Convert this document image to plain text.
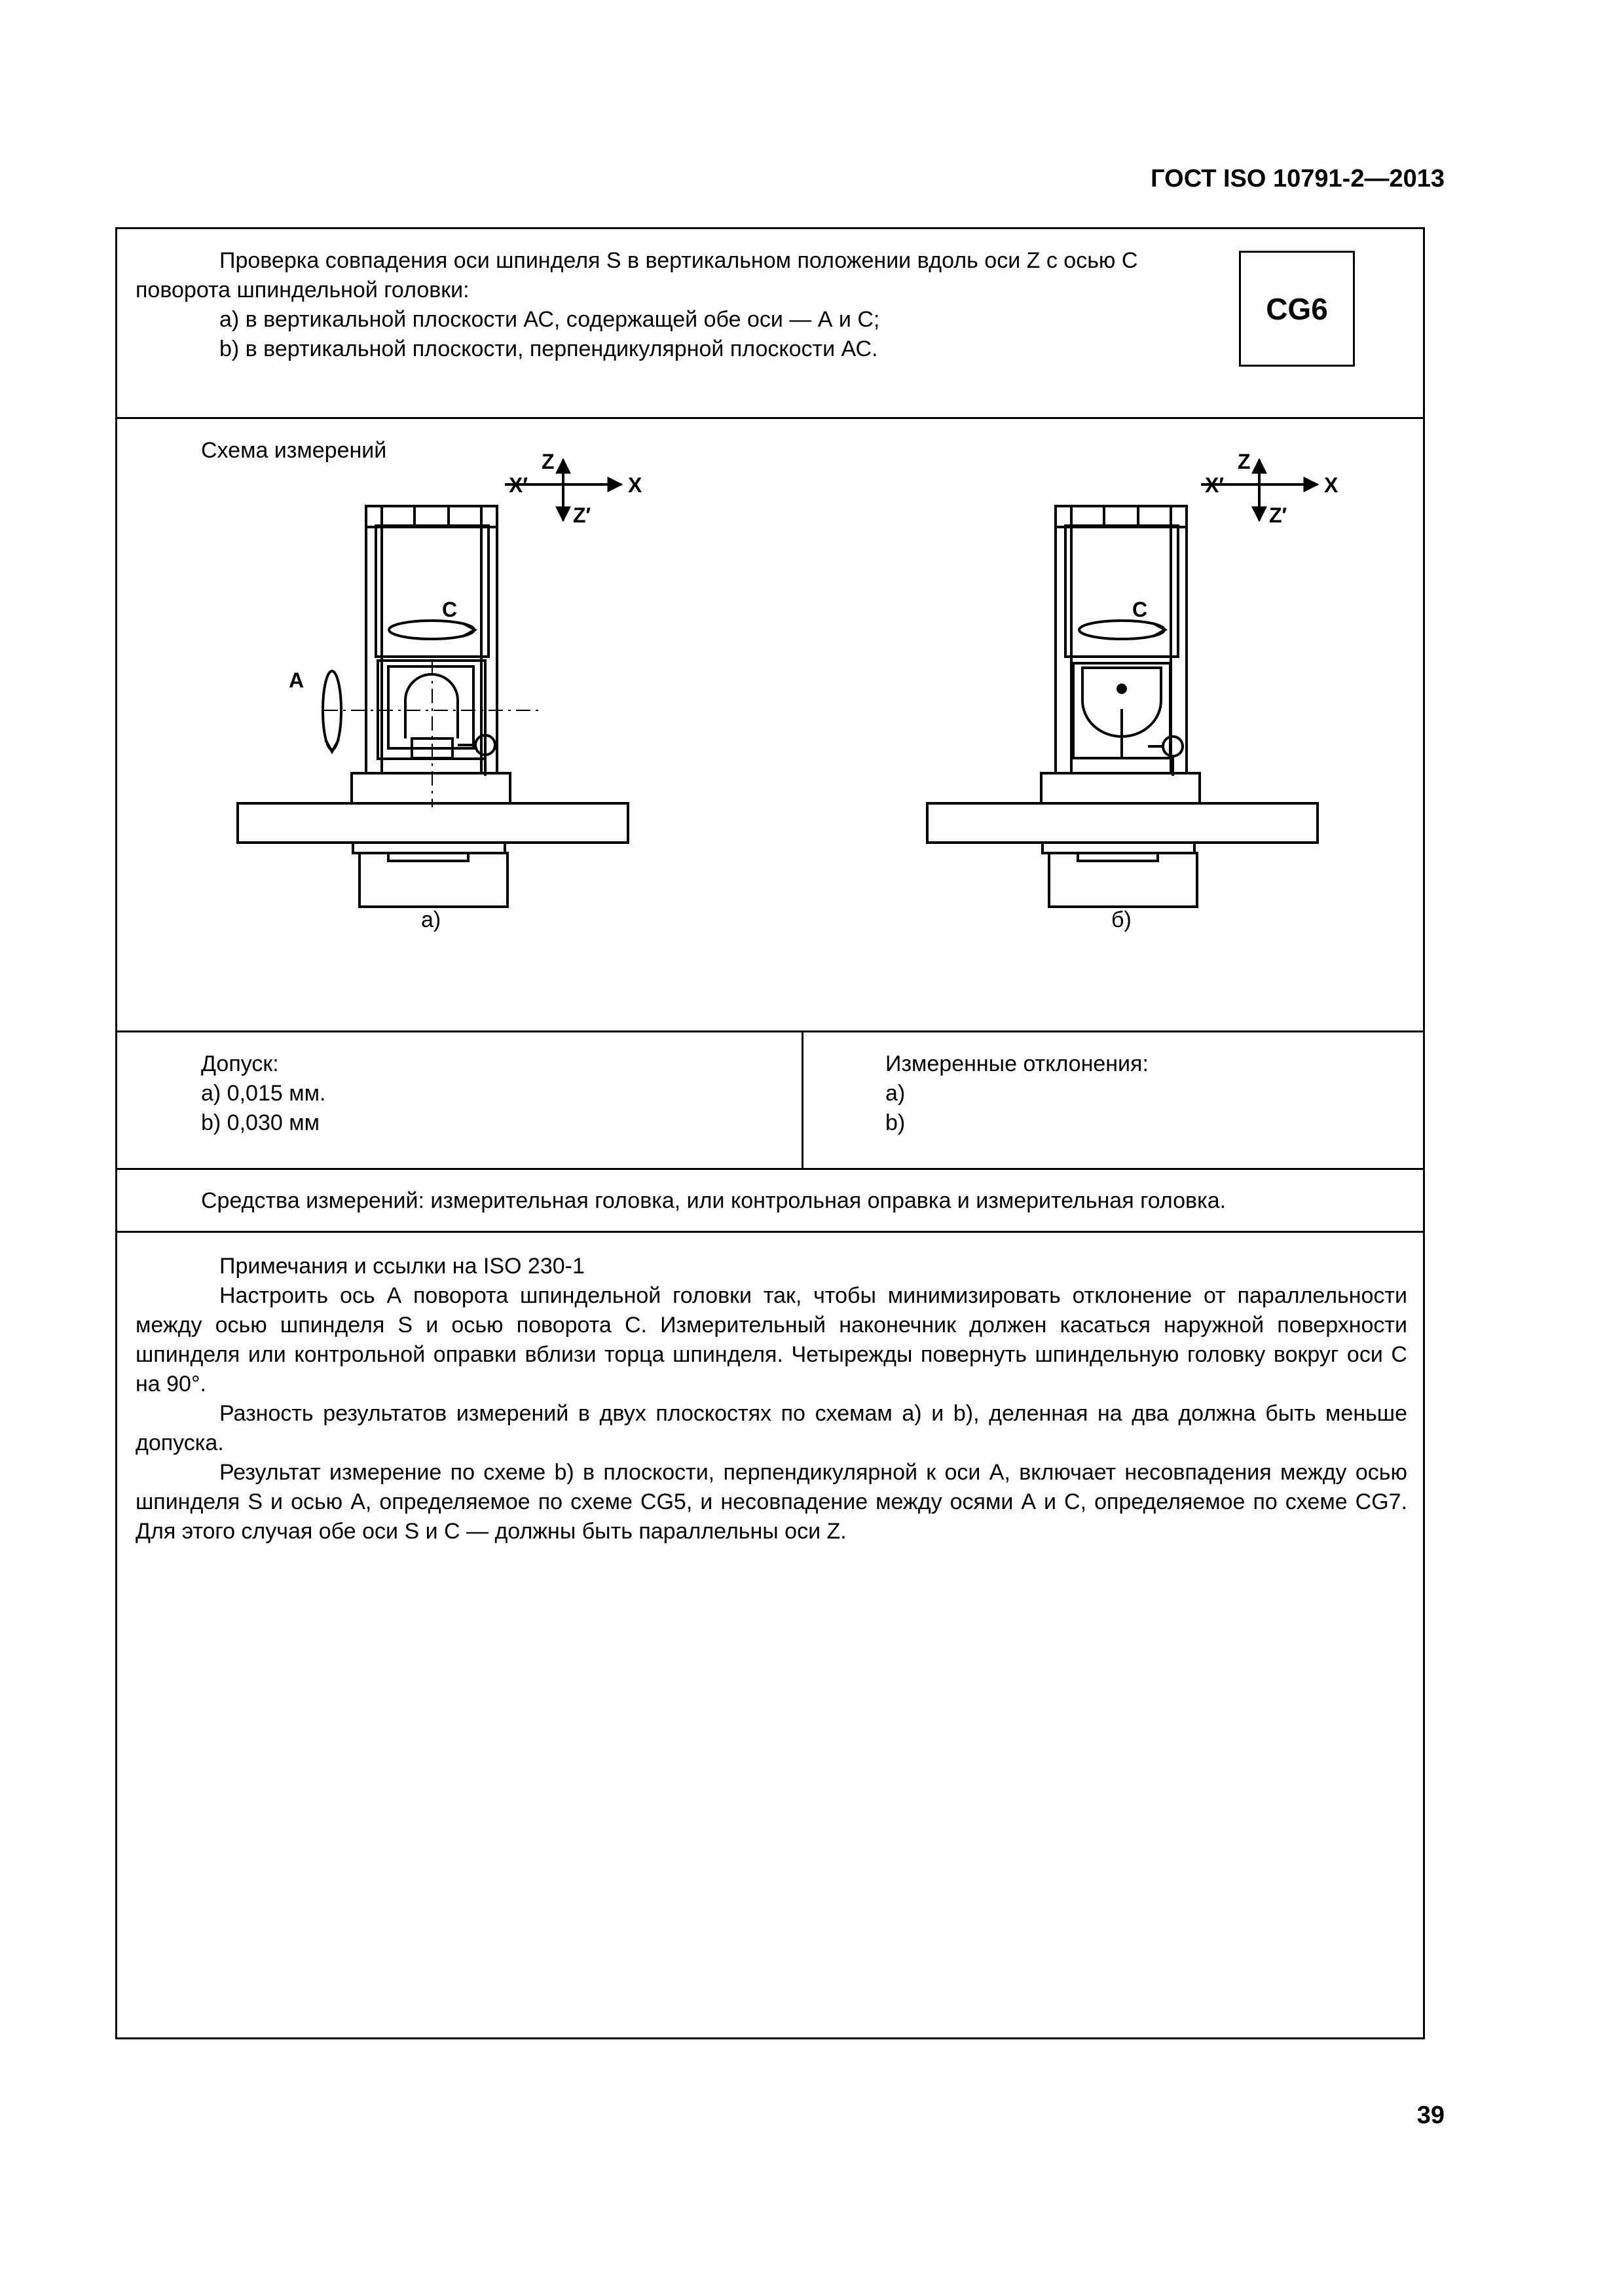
ГОСТ ISO 10791-2—2013
Проверка совпадения оси шпинделя S в вертикальном положении вдоль оси Z с осью С
поворота шпиндельной головки:
a) в вертикальной плоскости АС, содержащей обе оси — А и С;
b) в вертикальной плоскости, перпендикулярной плоскости АС.
CG6
Схема измерений	Z
X
X′
Z′
C
A
a)
Z
X
X′
Z′
C
б)
Допуск:
a) 0,015 мм.
b) 0,030 мм
Измеренные отклонения:
a)
b)
Средства измерений: измерительная головка, или контрольная оправка и измерительная головка.

Примечания и ссылки на ISO 230-1

Настроить ось А поворота шпиндельной головки так, чтобы минимизировать отклонение от параллельности между осью шпинделя S и осью поворота С. Измерительный наконечник должен касаться наружной поверхности шпинделя или контрольной оправки вблизи торца шпинделя. Четырежды повернуть шпиндельную головку вокруг оси С на 90°.

Разность результатов измерений в двух плоскостях по схемам a) и b), деленная на два должна быть меньше допуска.

Результат измерение по схеме b) в плоскости, перпендикулярной к оси А, включает несовпадения между осью шпинделя S и осью А, определяемое по схеме CG5, и несовпадение между осями А и С, определяемое по схеме CG7. Для этого случая обе оси S и С — должны быть параллельны оси Z.

39
